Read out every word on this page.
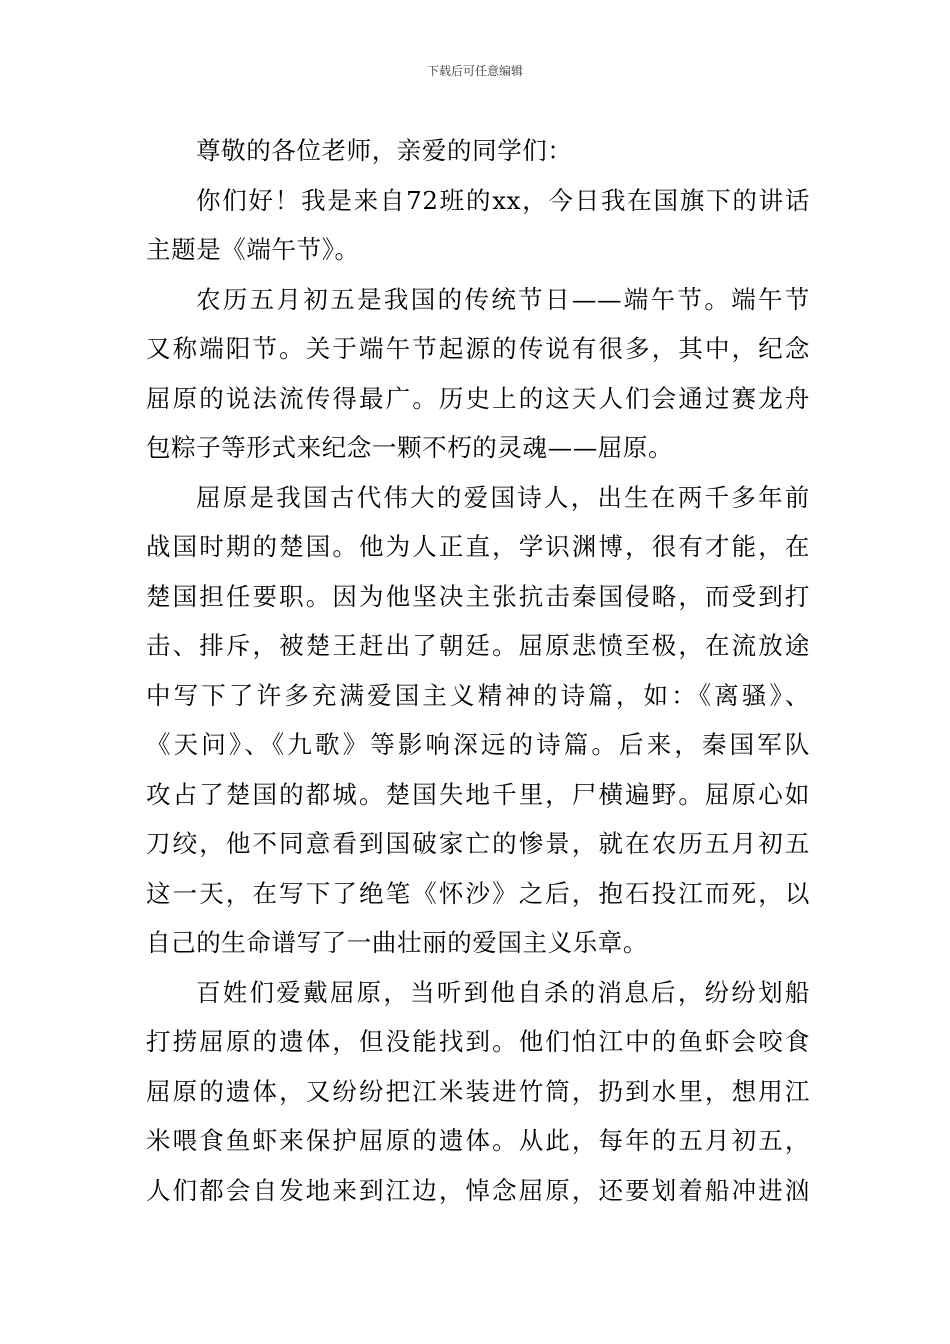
下载后可任意编辑
尊敬的各位老师，亲爱的同学们：
你们好！我是来自72班的xx，今日我在国旗下的讲话
主题是《端午节》。
农历五月初五是我国的传统节日——端午节。端午节
又称端阳节。关于端午节起源的传说有很多，其中，纪念
屈原的说法流传得最广。历史上的这天人们会通过赛龙舟
包粽子等形式来纪念一颗不朽的灵魂——屈原。
屈原是我国古代伟大的爱国诗人，出生在两千多年前
战国时期的楚国。他为人正直，学识渊博，很有才能，在
楚国担任要职。因为他坚决主张抗击秦国侵略，而受到打
击、排斥，被楚王赶出了朝廷。屈原悲愤至极，在流放途
中写下了许多充满爱国主义精神的诗篇，如：《离骚》、
《天问》、《九歌》等影响深远的诗篇。后来，秦国军队
攻占了楚国的都城。楚国失地千里，尸横遍野。屈原心如
刀绞，他不同意看到国破家亡的惨景，就在农历五月初五
这一天，在写下了绝笔《怀沙》之后，抱石投江而死，以
自己的生命谱写了一曲壮丽的爱国主义乐章。
百姓们爱戴屈原，当听到他自杀的消息后，纷纷划船
打捞屈原的遗体，但没能找到。他们怕江中的鱼虾会咬食
屈原的遗体，又纷纷把江米装进竹筒，扔到水里，想用江
米喂食鱼虾来保护屈原的遗体。从此，每年的五月初五，
人们都会自发地来到江边，悼念屈原，还要划着船冲进汹
